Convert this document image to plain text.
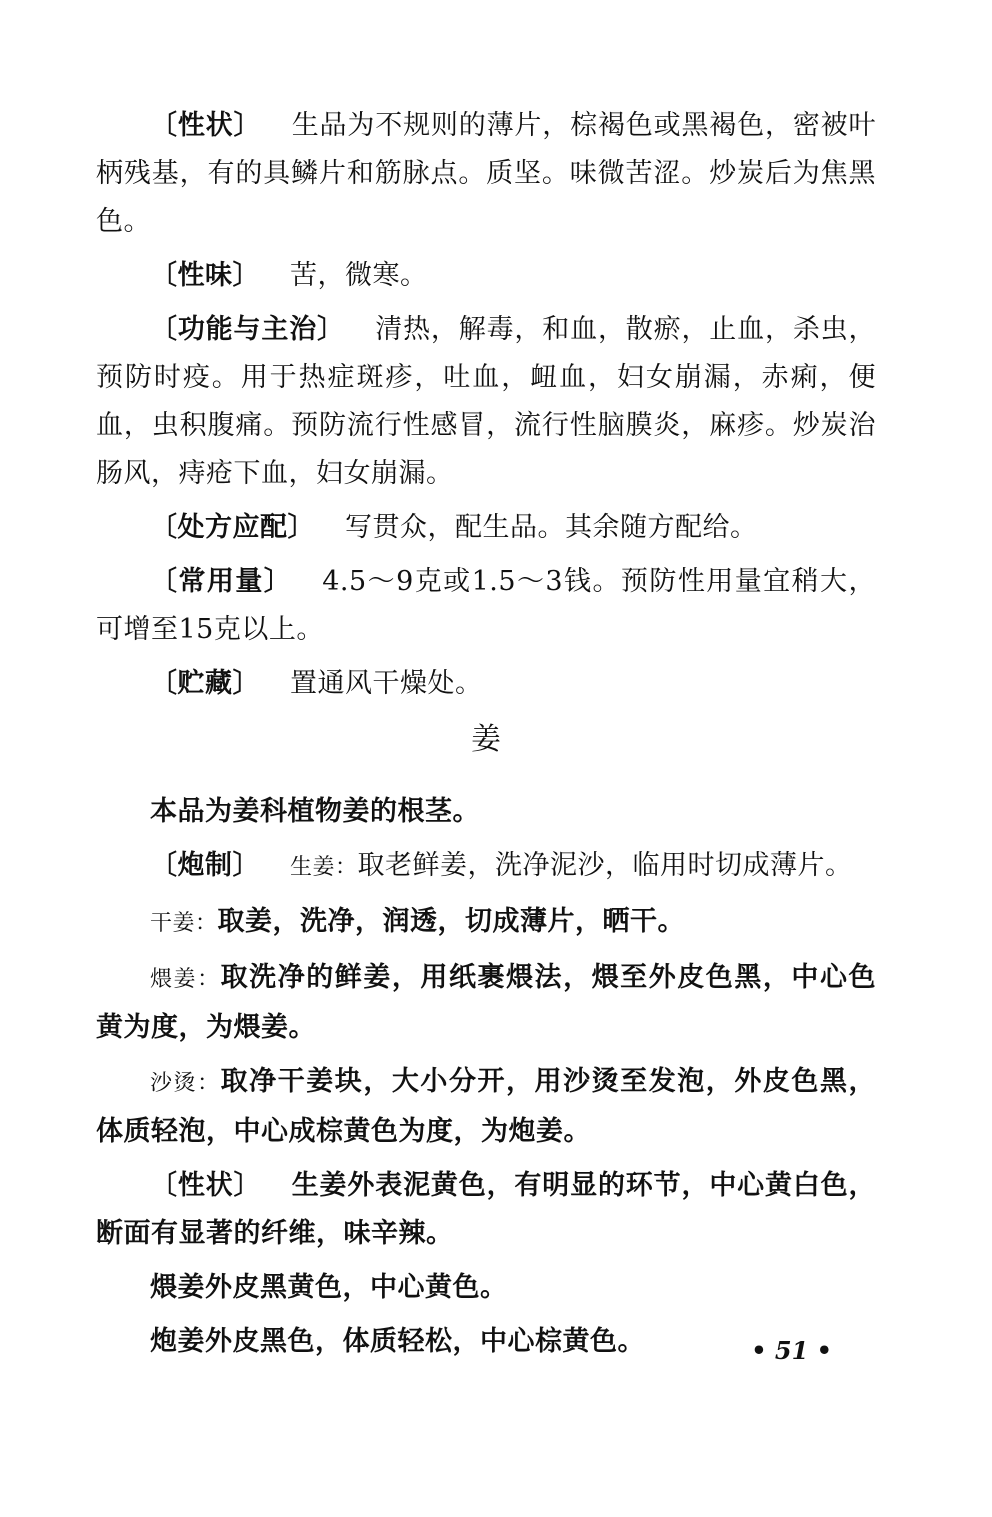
〔性状〕 生品为不规则的薄片，棕褐色或黑褐色，密被叶柄残基，有的具鳞片和筋脉点。质坚。味微苦涩。炒炭后为焦黑色。

〔性味〕 苦，微寒。

〔功能与主治〕 清热，解毒，和血，散瘀，止血，杀虫，预防时疫。用于热症斑疹，吐血，衄血，妇女崩漏，赤痢，便血，虫积腹痛。预防流行性感冒，流行性脑膜炎，麻疹。炒炭治肠风，痔疮下血，妇女崩漏。

〔处方应配〕 写贯众，配生品。其余随方配给。

〔常用量〕 4.5～9克或1.5～3钱。预防性用量宜稍大，可增至15克以上。

〔贮藏〕 置通风干燥处。

姜

本品为姜科植物姜的根茎。

〔炮制〕 生姜：取老鲜姜，洗净泥沙，临用时切成薄片。

干姜：取姜，洗净，润透，切成薄片，晒干。

煨姜：取洗净的鲜姜，用纸裹煨法，煨至外皮色黑，中心色黄为度，为煨姜。

沙烫：取净干姜块，大小分开，用沙烫至发泡，外皮色黑，体质轻泡，中心成棕黄色为度，为炮姜。

〔性状〕 生姜外表泥黄色，有明显的环节，中心黄白色，断面有显著的纤维，味辛辣。

煨姜外皮黑黄色，中心黄色。

炮姜外皮黑色，体质轻松，中心棕黄色。	• 51 •
